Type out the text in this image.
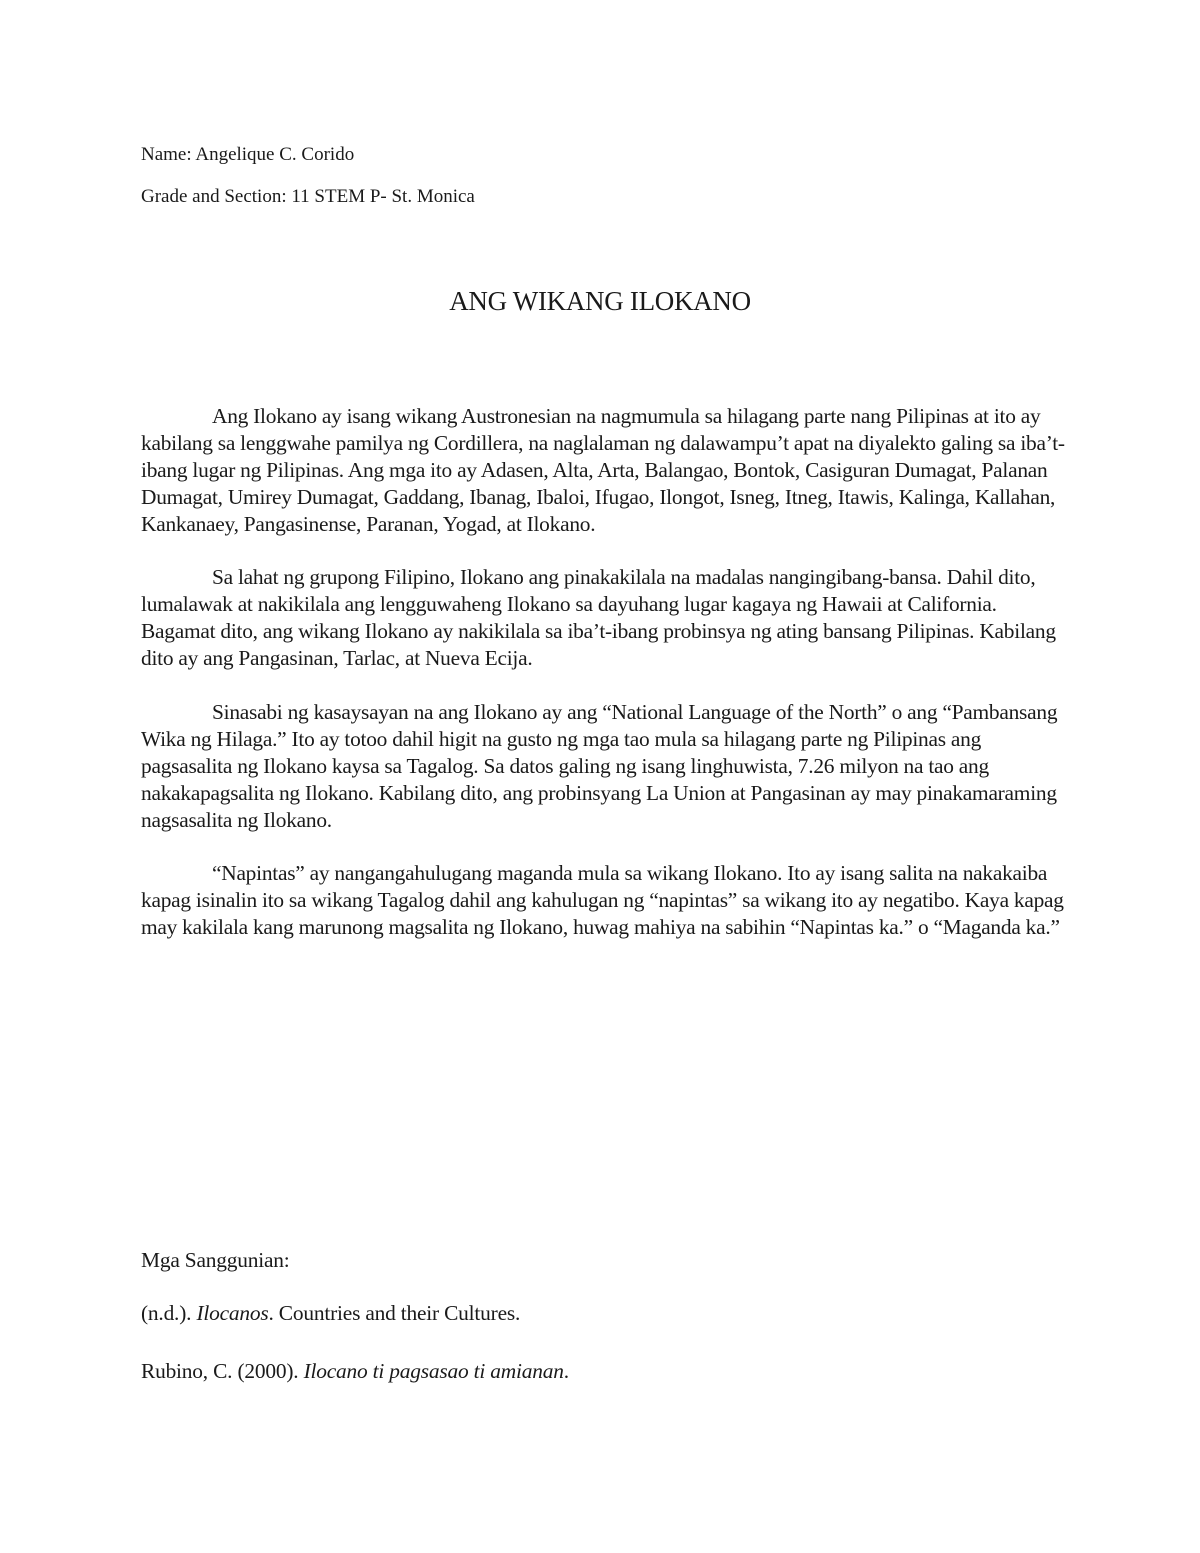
Name: Angelique C. Corido
Grade and Section: 11 STEM P- St. Monica
ANG WIKANG ILOKANO

Ang Ilokano ay isang wikang Austronesian na nagmumula sa hilagang parte nang Pilipinas at ito ay kabilang sa lenggwahe pamilya ng Cordillera, na naglalaman ng dalawampu’t apat na diyalekto galing sa iba’t-ibang lugar ng Pilipinas. Ang mga ito ay Adasen, Alta, Arta, Balangao, Bontok, Casiguran Dumagat, Palanan Dumagat, Umirey Dumagat, Gaddang, Ibanag, Ibaloi, Ifugao, Ilongot, Isneg, Itneg, Itawis, Kalinga, Kallahan, Kankanaey, Pangasinense, Paranan, Yogad, at Ilokano.

Sa lahat ng grupong Filipino, Ilokano ang pinakakilala na madalas nangingibang-bansa. Dahil dito, lumalawak at nakikilala ang lengguwaheng Ilokano sa dayuhang lugar kagaya ng Hawaii at California. Bagamat dito, ang wikang Ilokano ay nakikilala sa iba’t-ibang probinsya ng ating bansang Pilipinas. Kabilang dito ay ang Pangasinan, Tarlac, at Nueva Ecija.

Sinasabi ng kasaysayan na ang Ilokano ay ang “National Language of the North” o ang “Pambansang Wika ng Hilaga.” Ito ay totoo dahil higit na gusto ng mga tao mula sa hilagang parte ng Pilipinas ang pagsasalita ng Ilokano kaysa sa Tagalog. Sa datos galing ng isang linghuwista, 7.26 milyon na tao ang nakakapagsalita ng Ilokano. Kabilang dito, ang probinsyang La Union at Pangasinan ay may pinakamaraming nagsasalita ng Ilokano.

“Napintas” ay nangangahulugang maganda mula sa wikang Ilokano. Ito ay isang salita na nakakaiba kapag isinalin ito sa wikang Tagalog dahil ang kahulugan ng “napintas” sa wikang ito ay negatibo. Kaya kapag may kakilala kang marunong magsalita ng Ilokano, huwag mahiya na sabihin “Napintas ka.” o “Maganda ka.”

Mga Sanggunian:
(n.d.). Ilocanos. Countries and their Cultures.
Rubino, C. (2000). Ilocano ti pagsasao ti amianan.
